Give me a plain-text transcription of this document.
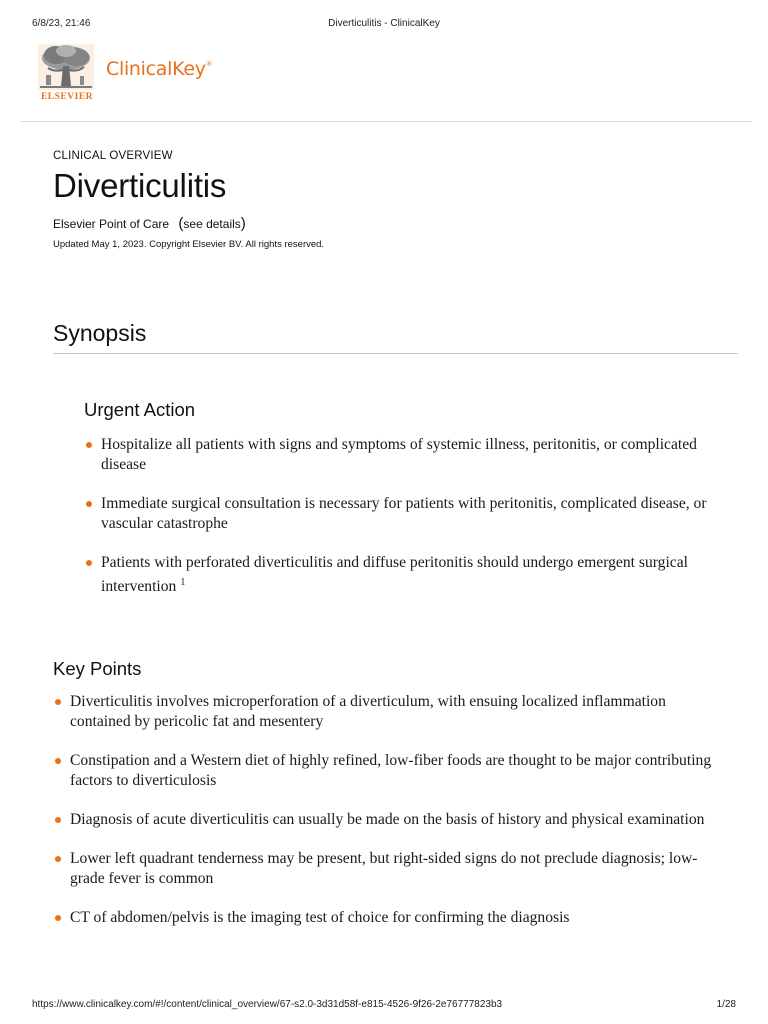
6/8/23, 21:46	Diverticulitis - ClinicalKey
ELSEVIER
ClinicalKey®

CLINICAL OVERVIEW

Diverticulitis
Elsevier Point of Care (see details)
Updated May 1, 2023. Copyright Elsevier BV. All rights reserved.
Synopsis
Urgent Action
Hospitalize all patients with signs and symptoms of systemic illness, peritonitis, or complicated disease
Immediate surgical consultation is necessary for patients with peritonitis, complicated disease, or vascular catastrophe
Patients with perforated diverticulitis and diffuse peritonitis should undergo emergent surgical intervention $^1$
Key Points
Diverticulitis involves microperforation of a diverticulum, with ensuing localized inflammation contained by pericolic fat and mesentery
Constipation and a Western diet of highly refined, low-fiber foods are thought to be major contributing factors to diverticulosis
Diagnosis of acute diverticulitis can usually be made on the basis of history and physical examination
Lower left quadrant tenderness may be present, but right-sided signs do not preclude diagnosis; low-grade fever is common
CT of abdomen/pelvis is the imaging test of choice for confirming the diagnosis
https://www.clinicalkey.com/#!/content/clinical_overview/67-s2.0-3d31d58f-e815-4526-9f26-2e76777823b3	1/28
